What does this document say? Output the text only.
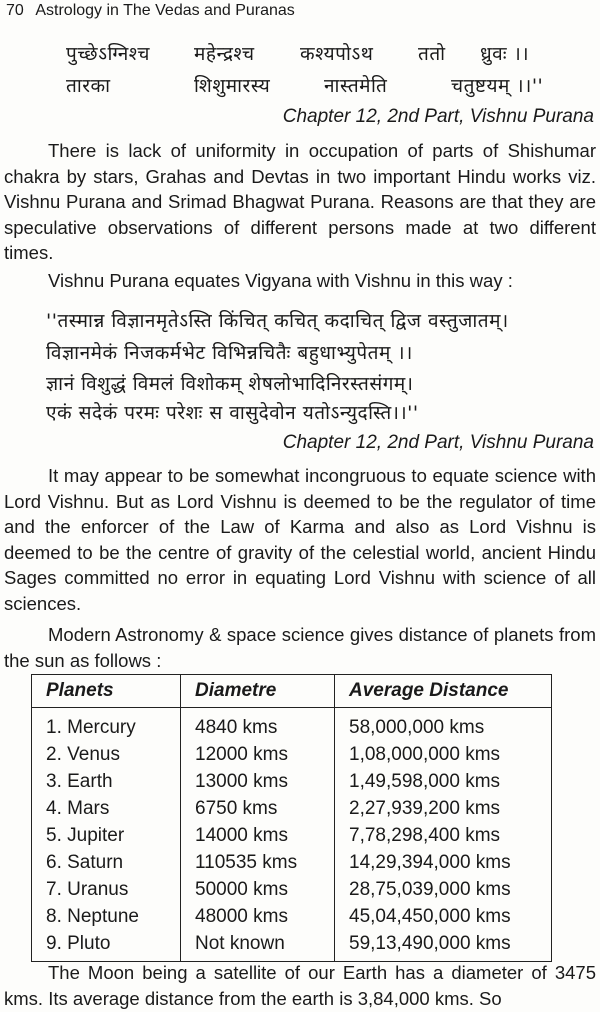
70 Astrology in The Vedas and Puranas
पुच्छेऽग्निश्च महेन्द्रश्च कश्यपोऽथ ततो ध्रुवः ।।
तारका	शिशुमारस्य	नास्तमेति	चतुष्टयम् ।।''
Chapter 12, 2nd Part, Vishnu Purana

There is lack of uniformity in occupation of parts of Shishumar chakra by stars, Grahas and Devtas in two important Hindu works viz. Vishnu Purana and Srimad Bhagwat Purana. Reasons are that they are speculative observations of different persons made at two different times.

Vishnu Purana equates Vigyana with Vishnu in this way :

''तस्मान्न विज्ञानमृतेऽस्ति किंचित् कचित् कदाचित् द्विज वस्तुजातम्।
विज्ञानमेकं निजकर्मभेट विभिन्नचितैः बहुधाभ्युपेतम् ।।
ज्ञानं विशुद्धं विमलं विशोकम् शेषलोभादिनिरस्तसंगम्।
एकं सदेकं परमः परेशः स वासुदेवोन यतोऽन्युदस्ति।।''
Chapter 12, 2nd Part, Vishnu Purana

It may appear to be somewhat incongruous to equate science with Lord Vishnu. But as Lord Vishnu is deemed to be the regulator of time and the enforcer of the Law of Karma and also as Lord Vishnu is deemed to be the centre of gravity of the celestial world, ancient Hindu Sages committed no error in equating Lord Vishnu with science of all sciences.

Modern Astronomy & space science gives distance of planets from the sun as follows :

Planets	Diametre	Average Distance
1. Mercury	4840 kms	58,000,000 kms
2. Venus	12000 kms	1,08,000,000 kms
3. Earth	13000 kms	1,49,598,000 kms
4. Mars	6750 kms	2,27,939,200 kms
5. Jupiter	14000 kms	7,78,298,400 kms
6. Saturn	110535 kms	14,29,394,000 kms
7. Uranus	50000 kms	28,75,039,000 kms
8. Neptune	48000 kms	45,04,450,000 kms
9. Pluto	Not known	59,13,490,000 kms

The Moon being a satellite of our Earth has a diameter of 3475 kms. Its average distance from the earth is 3,84,000 kms. So
